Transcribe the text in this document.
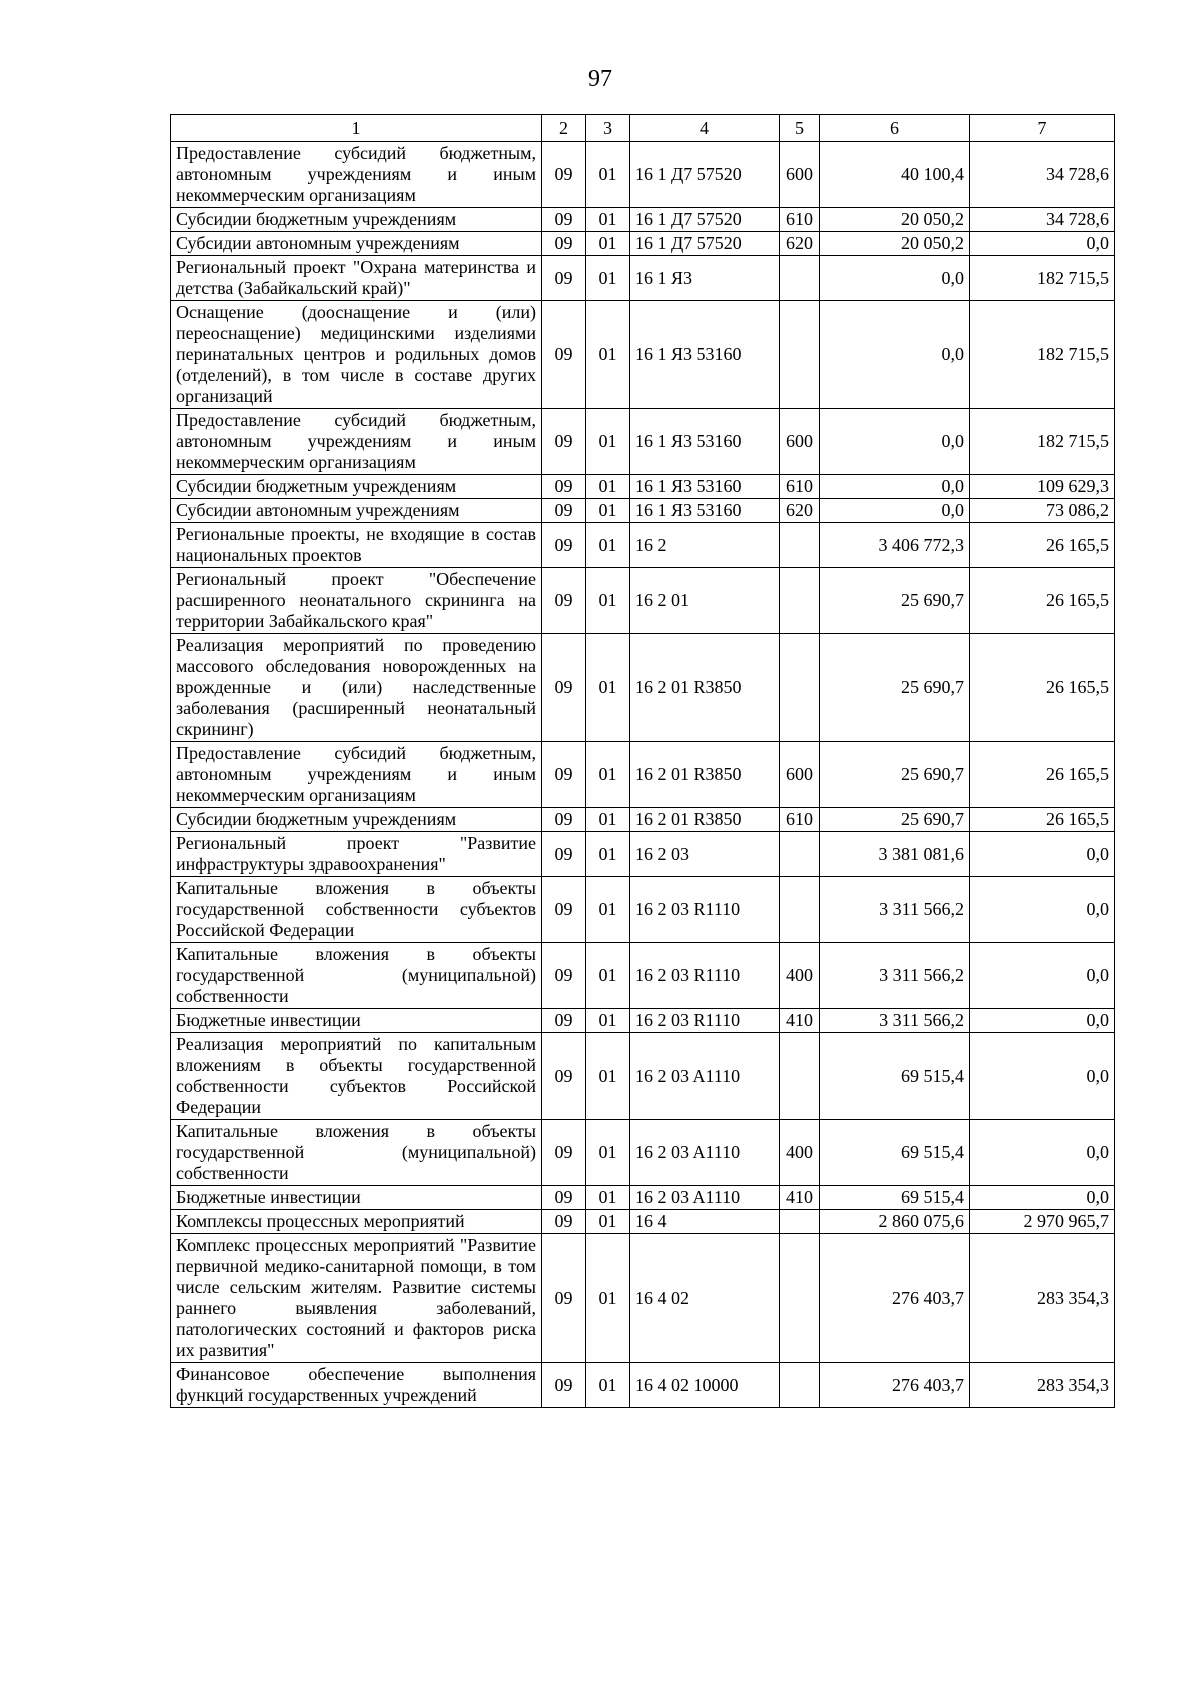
97
1	2	3	4	5	6	7
Предоставление субсидий бюджетным, автономным учреждениям и иным некоммерческим организациям	09	01	16 1 Д7 57520	600	40 100,4	34 728,6
Субсидии бюджетным учреждениям	09	01	16 1 Д7 57520	610	20 050,2	34 728,6
Субсидии автономным учреждениям	09	01	16 1 Д7 57520	620	20 050,2	0,0
Региональный проект "Охрана материнства и детства (Забайкальский край)"	09	01	16 1 Я3		0,0	182 715,5
Оснащение (дооснащение и (или) переоснащение) медицинскими изделиями перинатальных центров и родильных домов (отделений), в том числе в составе других организаций	09	01	16 1 Я3 53160		0,0	182 715,5
Предоставление субсидий бюджетным, автономным учреждениям и иным некоммерческим организациям	09	01	16 1 Я3 53160	600	0,0	182 715,5
Субсидии бюджетным учреждениям	09	01	16 1 Я3 53160	610	0,0	109 629,3
Субсидии автономным учреждениям	09	01	16 1 Я3 53160	620	0,0	73 086,2
Региональные проекты, не входящие в состав национальных проектов	09	01	16 2		3 406 772,3	26 165,5
Региональный проект "Обеспечение расширенного неонатального скрининга на территории Забайкальского края"	09	01	16 2 01		25 690,7	26 165,5
Реализация мероприятий по проведению массового обследования новорожденных на врожденные и (или) наследственные заболевания (расширенный неонатальный скрининг)	09	01	16 2 01 R3850		25 690,7	26 165,5
Предоставление субсидий бюджетным, автономным учреждениям и иным некоммерческим организациям	09	01	16 2 01 R3850	600	25 690,7	26 165,5
Субсидии бюджетным учреждениям	09	01	16 2 01 R3850	610	25 690,7	26 165,5
Региональный проект "Развитие инфраструктуры здравоохранения"	09	01	16 2 03		3 381 081,6	0,0
Капитальные вложения в объекты государственной собственности субъектов Российской Федерации	09	01	16 2 03 R1110		3 311 566,2	0,0
Капитальные вложения в объекты государственной (муниципальной) собственности	09	01	16 2 03 R1110	400	3 311 566,2	0,0
Бюджетные инвестиции	09	01	16 2 03 R1110	410	3 311 566,2	0,0
Реализация мероприятий по капитальным вложениям в объекты государственной собственности субъектов Российской Федерации	09	01	16 2 03 A1110		69 515,4	0,0
Капитальные вложения в объекты государственной (муниципальной) собственности	09	01	16 2 03 A1110	400	69 515,4	0,0
Бюджетные инвестиции	09	01	16 2 03 A1110	410	69 515,4	0,0
Комплексы процессных мероприятий	09	01	16 4		2 860 075,6	2 970 965,7
Комплекс процессных мероприятий "Развитие первичной медико-санитарной помощи, в том числе сельским жителям. Развитие системы раннего выявления заболеваний, патологических состояний и факторов риска их развития"	09	01	16 4 02		276 403,7	283 354,3
Финансовое обеспечение выполнения функций государственных учреждений	09	01	16 4 02 10000		276 403,7	283 354,3
